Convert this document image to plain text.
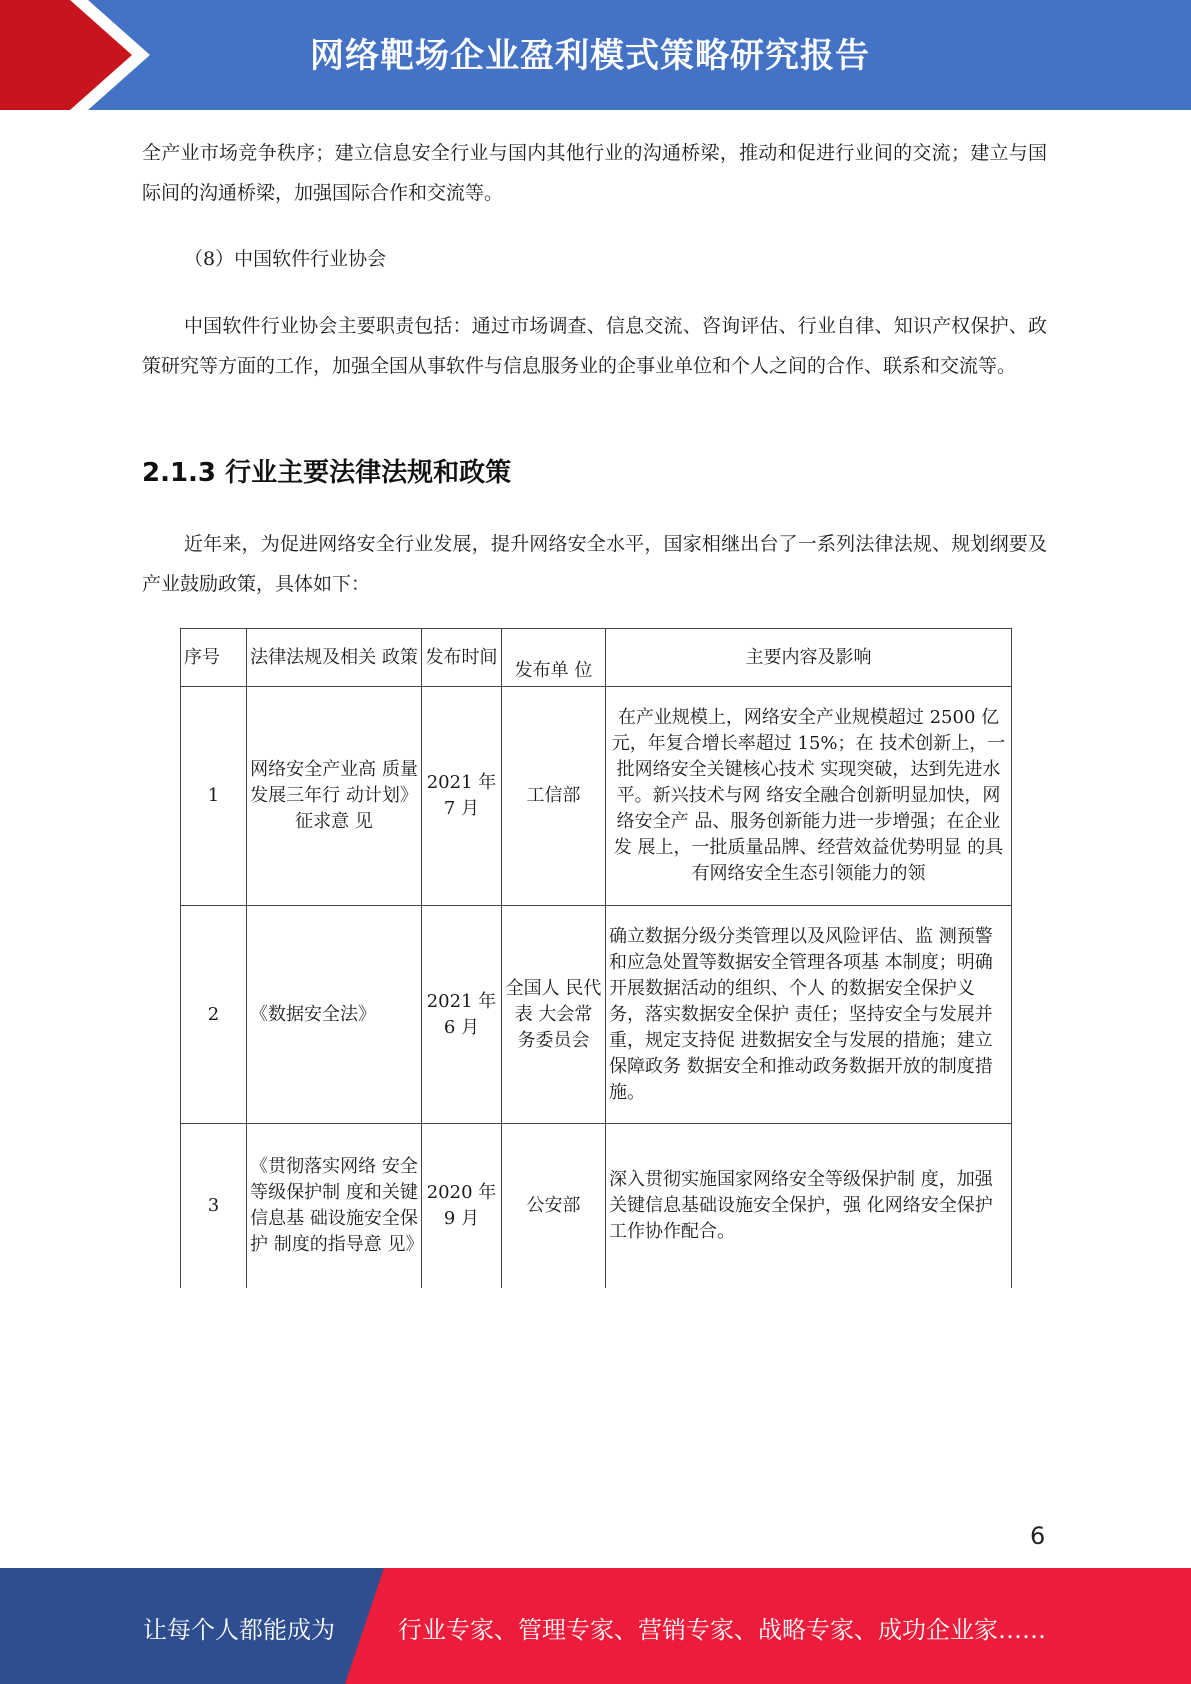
网络靶场企业盈利模式策略研究报告
全产业市场竞争秩序；建立信息安全行业与国内其他行业的沟通桥梁，推动和促进行业间的交流；建立与国际间的沟通桥梁，加强国际合作和交流等。
（8）中国软件行业协会
中国软件行业协会主要职责包括：通过市场调查、信息交流、咨询评估、行业自律、知识产权保护、政策研究等方面的工作，加强全国从事软件与信息服务业的企事业单位和个人之间的合作、联系和交流等。
2.1.3 行业主要法律法规和政策
近年来，为促进网络安全行业发展，提升网络安全水平，国家相继出台了一系列法律法规、规划纲要及产业鼓励政策，具体如下：
序号	法律法规及相关 政策	发布时间	发布单 位	主要内容及影响
1	网络安全产业高 质量发展三年行 动计划》征求意 见	2021 年 7 月	工信部	在产业规模上，网络安全产业规模超过 2500 亿元，年复合增长率超过 15%；在 技术创新上，一批网络安全关键核心技术 实现突破，达到先进水平。新兴技术与网 络安全融合创新明显加快，网络安全产 品、服务创新能力进一步增强；在企业发 展上，一批质量品牌、经营效益优势明显 的具有网络安全生态引领能力的领
2	《数据安全法》	2021 年 6 月	全国人 民代表 大会常 务委员会	确立数据分级分类管理以及风险评估、监 测预警和应急处置等数据安全管理各项基 本制度；明确开展数据活动的组织、个人 的数据安全保护义务，落实数据安全保护 责任；坚持安全与发展并重，规定支持促 进数据安全与发展的措施；建立保障政务 数据安全和推动政务数据开放的制度措 施。
3	《贯彻落实网络 安全等级保护制 度和关键信息基 础设施安全保护 制度的指导意 见》	2020 年 9 月	公安部	深入贯彻实施国家网络安全等级保护制 度，加强关键信息基础设施安全保护，强 化网络安全保护工作协作配合。
6
让每个人都能成为	行业专家、管理专家、营销专家、战略专家、成功企业家……
